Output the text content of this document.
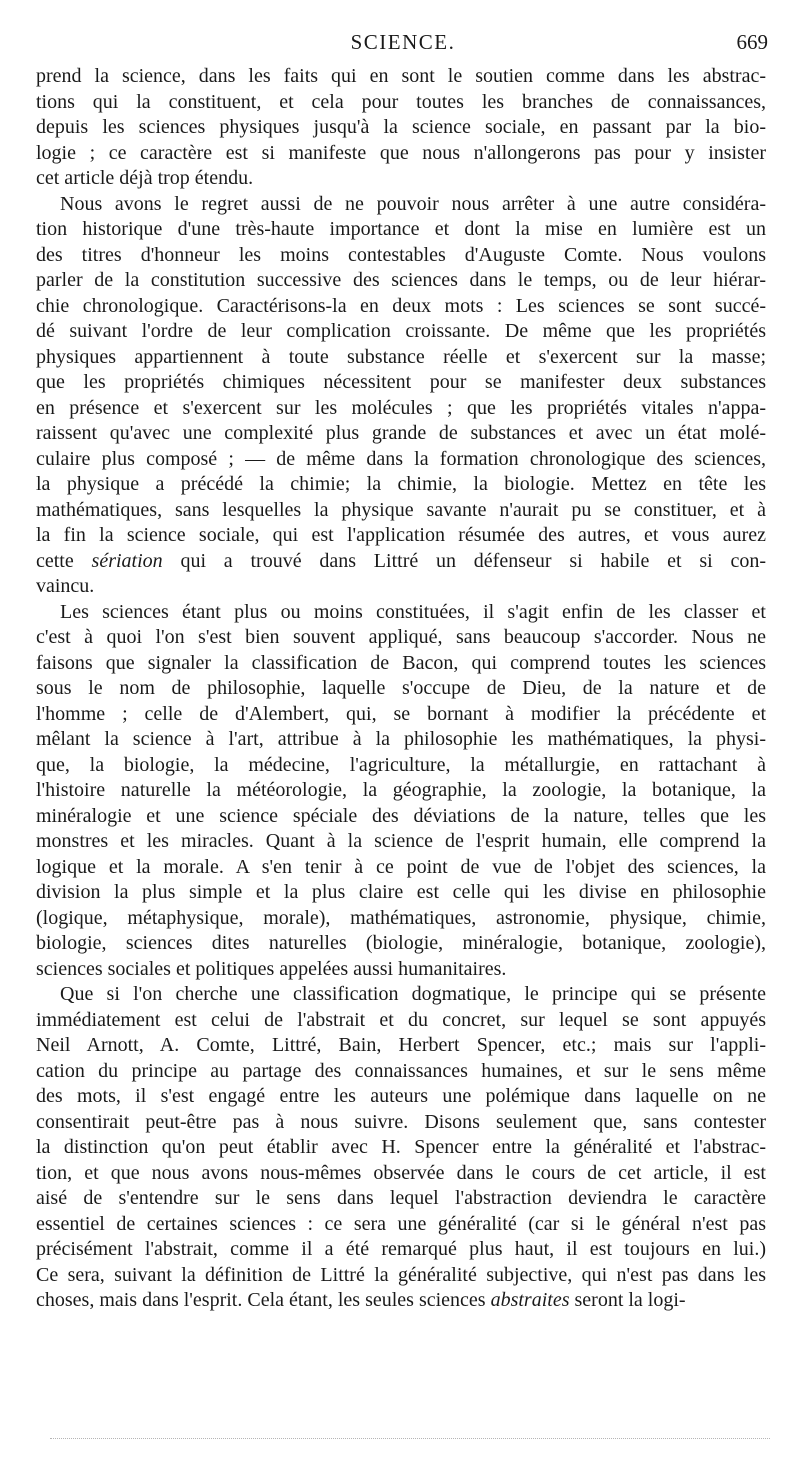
SCIENCE.	669
prend la science, dans les faits qui en sont le soutien comme dans les abstrac-
tions qui la constituent, et cela pour toutes les branches de connaissances,
depuis les sciences physiques jusqu'à la science sociale, en passant par la bio-
logie ; ce caractère est si manifeste que nous n'allongerons pas pour y insister
cet article déjà trop étendu.
Nous avons le regret aussi de ne pouvoir nous arrêter à une autre considéra-
tion historique d'une très-haute importance et dont la mise en lumière est un
des titres d'honneur les moins contestables d'Auguste Comte. Nous voulons
parler de la constitution successive des sciences dans le temps, ou de leur hiérar-
chie chronologique. Caractérisons-la en deux mots : Les sciences se sont succé-
dé suivant l'ordre de leur complication croissante. De même que les propriétés
physiques appartiennent à toute substance réelle et s'exercent sur la masse;
que les propriétés chimiques nécessitent pour se manifester deux substances
en présence et s'exercent sur les molécules ; que les propriétés vitales n'appa-
raissent qu'avec une complexité plus grande de substances et avec un état molé-
culaire plus composé ; — de même dans la formation chronologique des sciences,
la physique a précédé la chimie; la chimie, la biologie. Mettez en tête les
mathématiques, sans lesquelles la physique savante n'aurait pu se constituer, et à
la fin la science sociale, qui est l'application résumée des autres, et vous aurez
cette sériation qui a trouvé dans Littré un défenseur si habile et si con-
vaincu.
Les sciences étant plus ou moins constituées, il s'agit enfin de les classer et
c'est à quoi l'on s'est bien souvent appliqué, sans beaucoup s'accorder. Nous ne
faisons que signaler la classification de Bacon, qui comprend toutes les sciences
sous le nom de philosophie, laquelle s'occupe de Dieu, de la nature et de
l'homme ; celle de d'Alembert, qui, se bornant à modifier la précédente et
mêlant la science à l'art, attribue à la philosophie les mathématiques, la physi-
que, la biologie, la médecine, l'agriculture, la métallurgie, en rattachant à
l'histoire naturelle la météorologie, la géographie, la zoologie, la botanique, la
minéralogie et une science spéciale des déviations de la nature, telles que les
monstres et les miracles. Quant à la science de l'esprit humain, elle comprend la
logique et la morale. A s'en tenir à ce point de vue de l'objet des sciences, la
division la plus simple et la plus claire est celle qui les divise en philosophie
(logique, métaphysique, morale), mathématiques, astronomie, physique, chimie,
biologie, sciences dites naturelles (biologie, minéralogie, botanique, zoologie),
sciences sociales et politiques appelées aussi humanitaires.
Que si l'on cherche une classification dogmatique, le principe qui se présente
immédiatement est celui de l'abstrait et du concret, sur lequel se sont appuyés
Neil Arnott, A. Comte, Littré, Bain, Herbert Spencer, etc.; mais sur l'appli-
cation du principe au partage des connaissances humaines, et sur le sens même
des mots, il s'est engagé entre les auteurs une polémique dans laquelle on ne
consentirait peut-être pas à nous suivre. Disons seulement que, sans contester
la distinction qu'on peut établir avec H. Spencer entre la généralité et l'abstrac-
tion, et que nous avons nous-mêmes observée dans le cours de cet article, il est
aisé de s'entendre sur le sens dans lequel l'abstraction deviendra le caractère
essentiel de certaines sciences : ce sera une généralité (car si le général n'est pas
précisément l'abstrait, comme il a été remarqué plus haut, il est toujours en lui.)
Ce sera, suivant la définition de Littré la généralité subjective, qui n'est pas dans les
choses, mais dans l'esprit. Cela étant, les seules sciences abstraites seront la logi-
